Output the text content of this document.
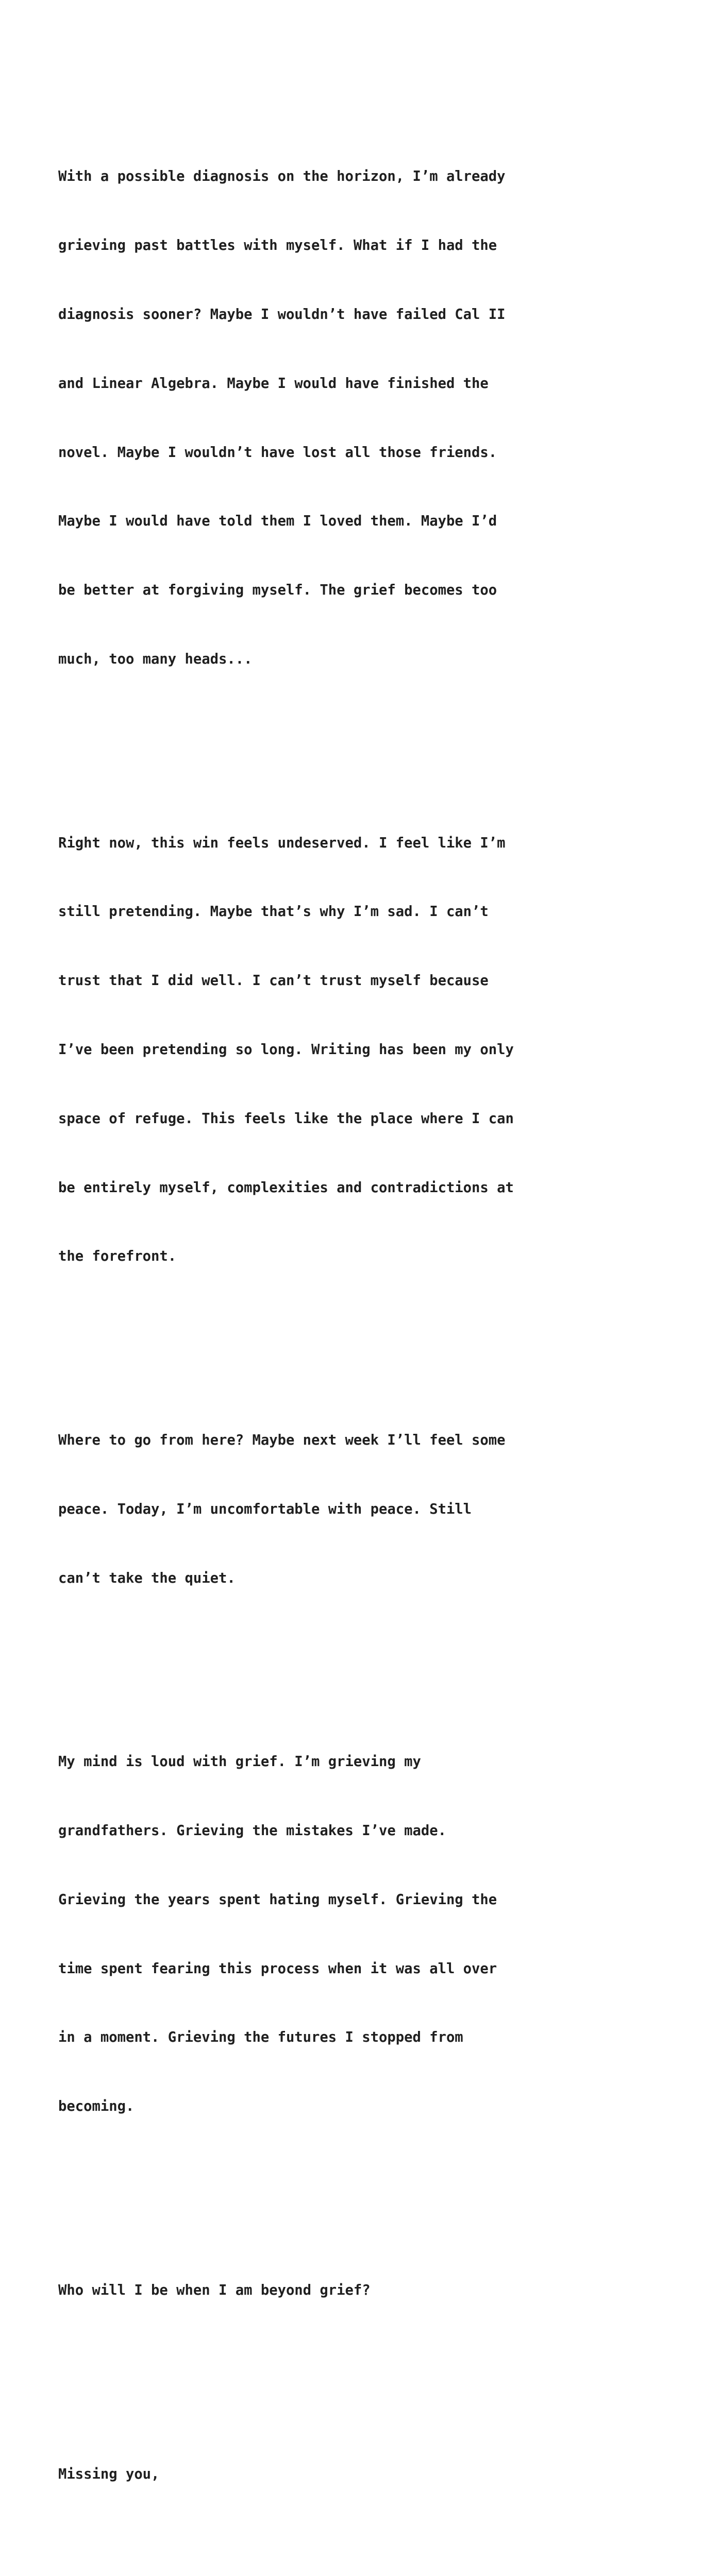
With a possible diagnosis on the horizon, I’m already

grieving past battles with myself. What if I had the

diagnosis sooner? Maybe I wouldn’t have failed Cal II

and Linear Algebra. Maybe I would have finished the

novel. Maybe I wouldn’t have lost all those friends.

Maybe I would have told them I loved them. Maybe I’d

be better at forgiving myself. The grief becomes too

much, too many heads...

Right now, this win feels undeserved. I feel like I’m

still pretending. Maybe that’s why I’m sad. I can’t

trust that I did well. I can’t trust myself because

I’ve been pretending so long. Writing has been my only

space of refuge. This feels like the place where I can

be entirely myself, complexities and contradictions at

the forefront.

Where to go from here? Maybe next week I’ll feel some

peace. Today, I’m uncomfortable with peace. Still

can’t take the quiet.

My mind is loud with grief. I’m grieving my

grandfathers. Grieving the mistakes I’ve made.

Grieving the years spent hating myself. Grieving the

time spent fearing this process when it was all over

in a moment. Grieving the futures I stopped from

becoming.

Who will I be when I am beyond grief?

Missing you,
